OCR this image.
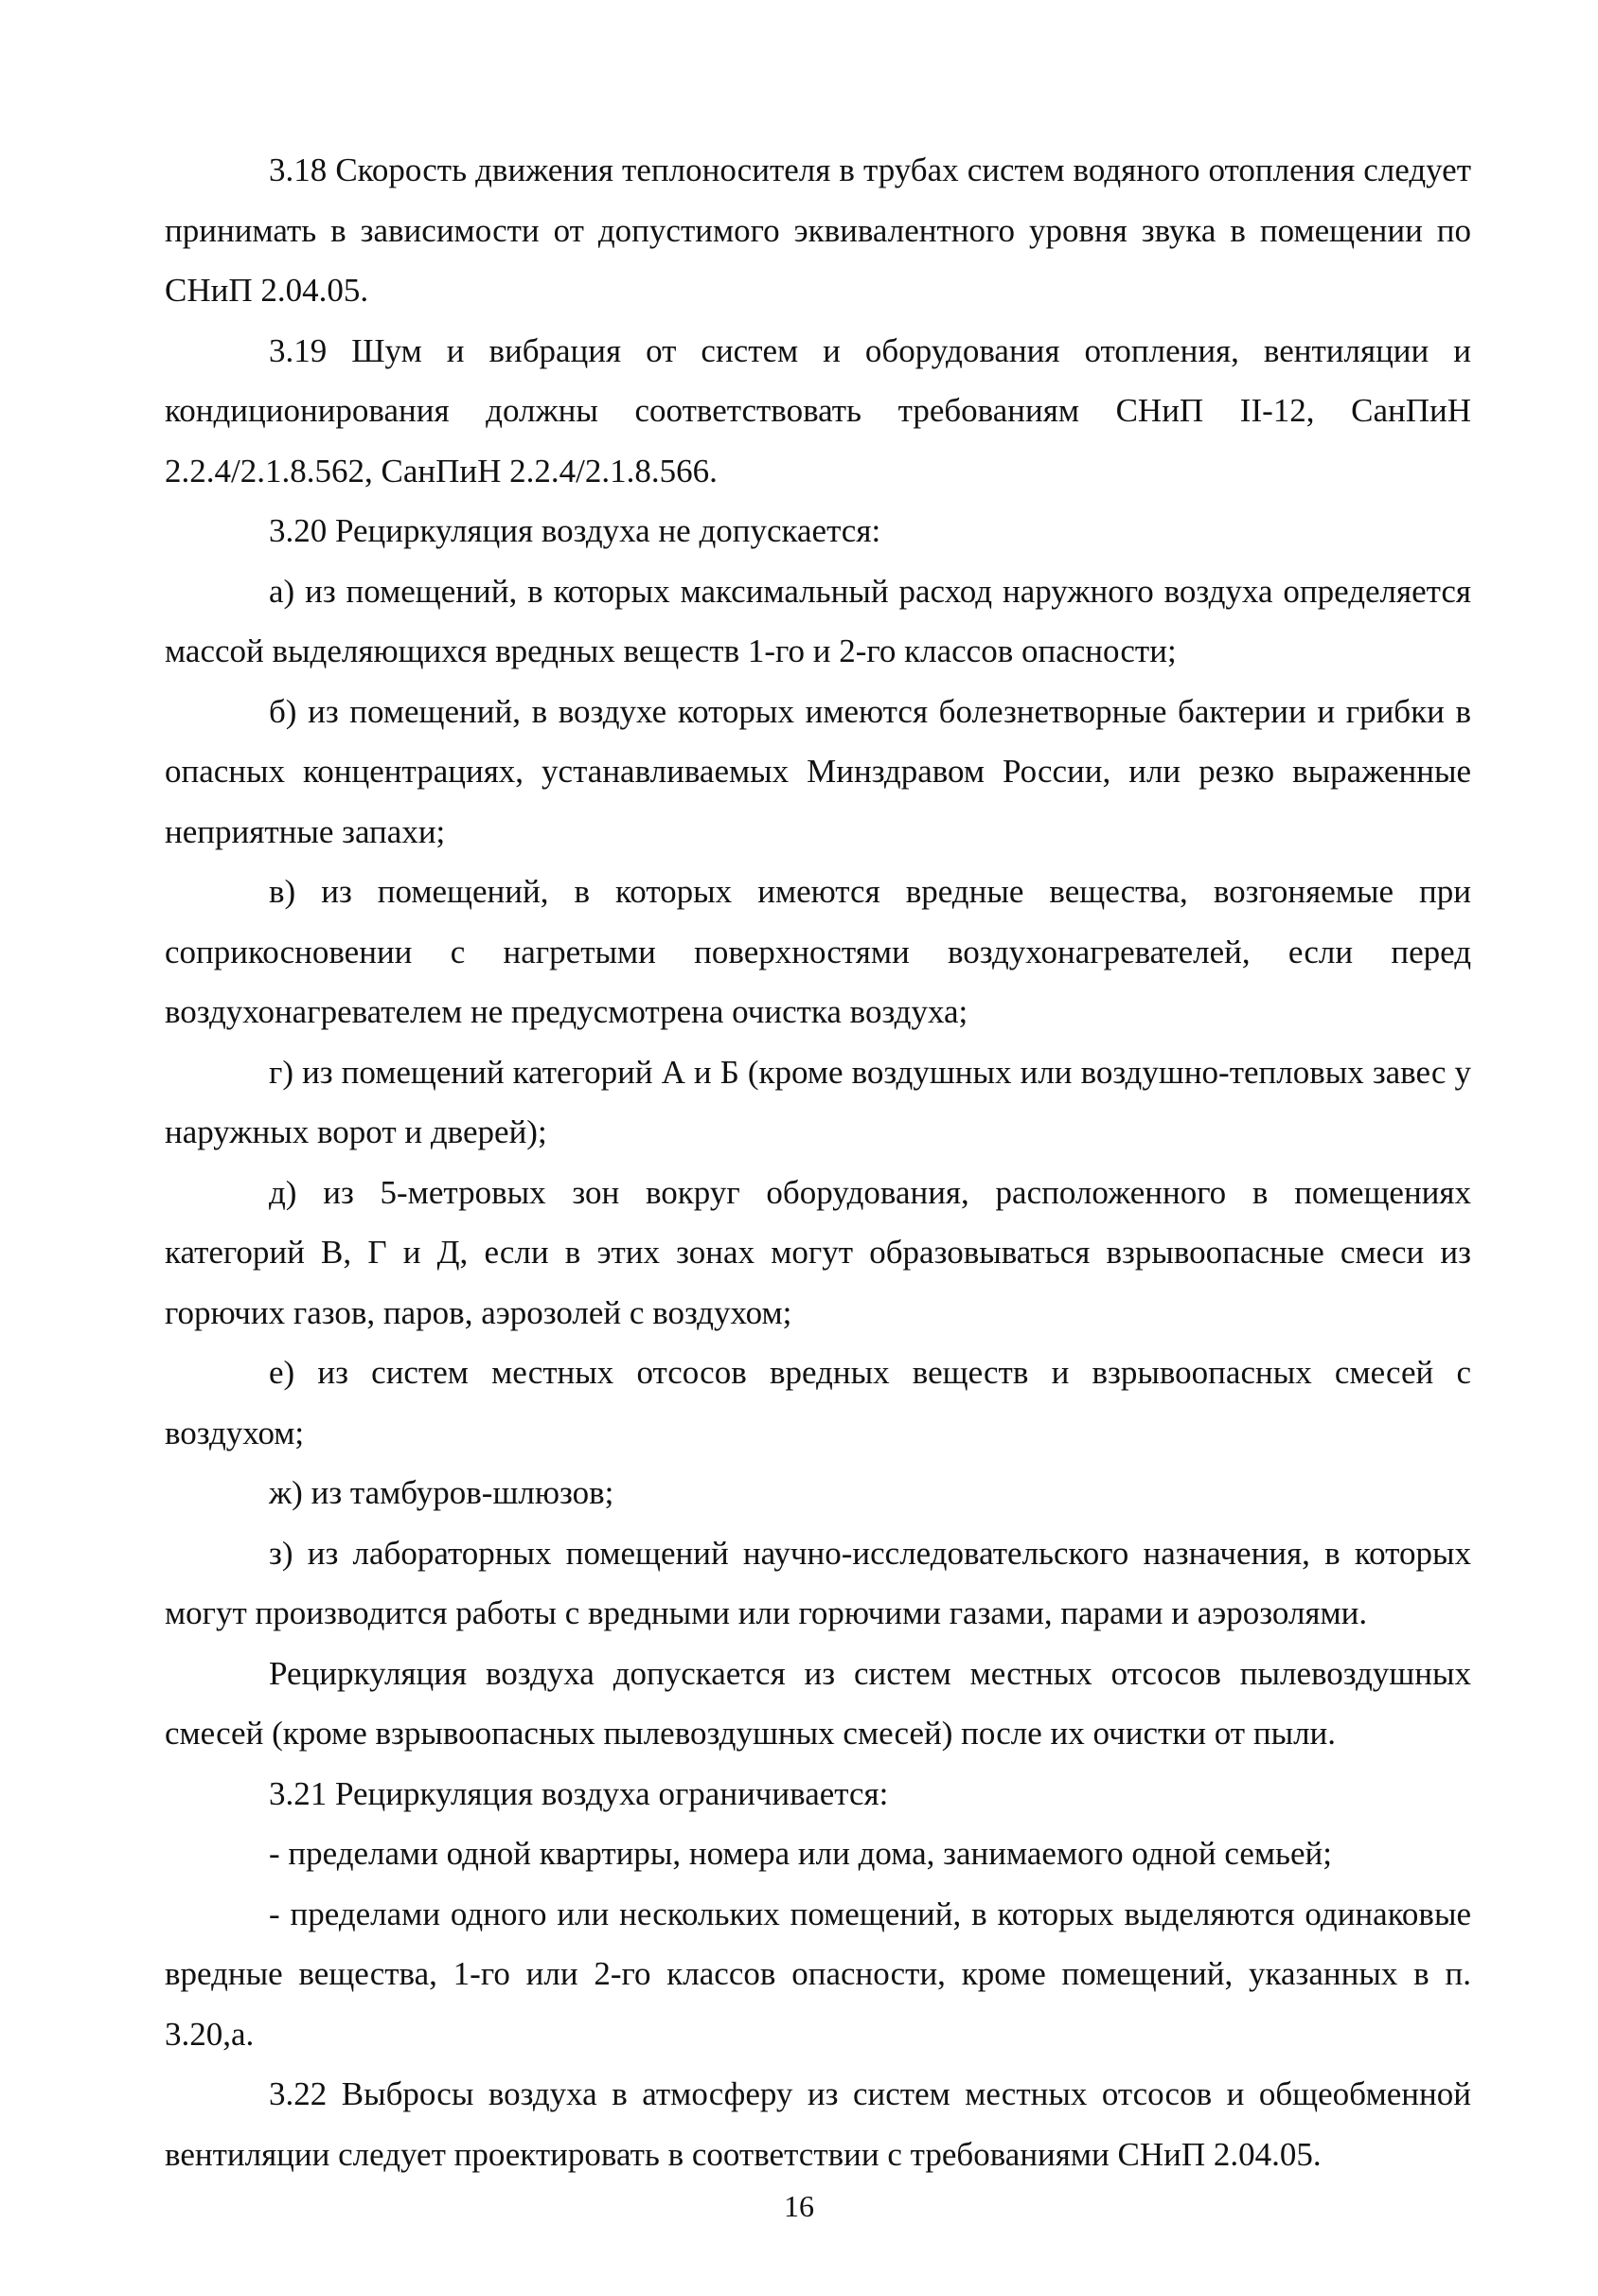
3.18 Скорость движения теплоносителя в трубах систем водяного отопления следует принимать в зависимости от допустимого эквивалентного уровня звука в помещении по СНиП 2.04.05.

3.19 Шум и вибрация от систем и оборудования отопления, вентиляции и кондиционирования должны соответствовать требованиям СНиП II-12, СанПиН 2.2.4/2.1.8.562, СанПиН 2.2.4/2.1.8.566.

3.20 Рециркуляция воздуха не допускается:

а) из помещений, в которых максимальный расход наружного воздуха определяется массой выделяющихся вредных веществ 1-го и 2-го классов опасности;

б) из помещений, в воздухе которых имеются болезнетворные бактерии и грибки в опасных концентрациях, устанавливаемых Минздравом России, или резко выраженные неприятные запахи;

в) из помещений, в которых имеются вредные вещества, возгоняемые при соприкосновении с нагретыми поверхностями воздухонагревателей, если перед воздухонагревателем не предусмотрена очистка воздуха;

г) из помещений категорий А и Б (кроме воздушных или воздушно-тепловых завес у наружных ворот и дверей);

д) из 5-метровых зон вокруг оборудования, расположенного в помещениях категорий В, Г и Д, если в этих зонах могут образовываться взрывоопасные смеси из горючих газов, паров, аэрозолей с воздухом;

е) из систем местных отсосов вредных веществ и взрывоопасных смесей с воздухом;

ж) из тамбуров-шлюзов;

з) из лабораторных помещений научно-исследовательского назначения, в которых могут производится работы с вредными или горючими газами, парами и аэрозолями.

Рециркуляция воздуха допускается из систем местных отсосов пылевоздушных смесей (кроме взрывоопасных пылевоздушных смесей) после их очистки от пыли.

3.21 Рециркуляция воздуха ограничивается:

- пределами одной квартиры, номера или дома, занимаемого одной семьей;

- пределами одного или нескольких помещений, в которых выделяются одинаковые вредные вещества, 1-го или 2-го классов опасности, кроме помещений, указанных в п. 3.20,а.

3.22 Выбросы воздуха в атмосферу из систем местных отсосов и общеобменной вентиляции следует проектировать в соответствии с требованиями СНиП 2.04.05.

16
